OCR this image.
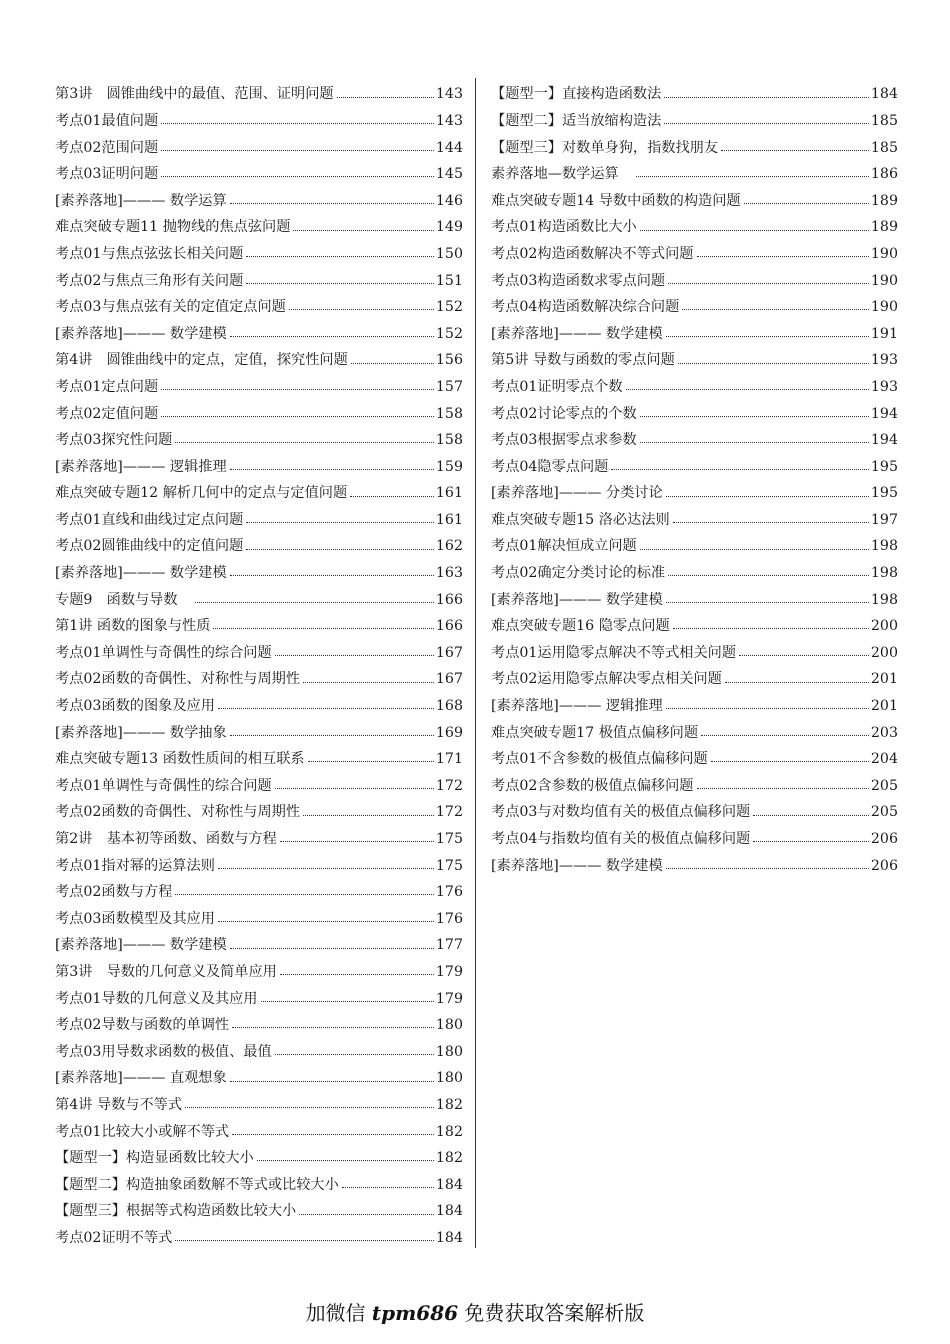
第3讲　圆锥曲线中的最值、范围、证明问题	143
考点01最值问题	143
考点02范围问题	144
考点03证明问题	145
[素养落地]——— 数学运算	146
难点突破专题11 抛物线的焦点弦问题	149
考点01与焦点弦弦长相关问题	150
考点02与焦点三角形有关问题	151
考点03与焦点弦有关的定值定点问题	152
[素养落地]——— 数学建模	152
第4讲　圆锥曲线中的定点，定值，探究性问题	156
考点01定点问题	157
考点02定值问题	158
考点03探究性问题	158
[素养落地]——— 逻辑推理	159
难点突破专题12 解析几何中的定点与定值问题	161
考点01直线和曲线过定点问题	161
考点02圆锥曲线中的定值问题	162
[素养落地]——— 数学建模	163
专题9　函数与导数　	166
第1讲 函数的图象与性质	166
考点01单调性与奇偶性的综合问题	167
考点02函数的奇偶性、对称性与周期性	167
考点03函数的图象及应用	168
[素养落地]——— 数学抽象	169
难点突破专题13 函数性质间的相互联系	171
考点01单调性与奇偶性的综合问题	172
考点02函数的奇偶性、对称性与周期性	172
第2讲　基本初等函数、函数与方程	175
考点01指对幂的运算法则	175
考点02函数与方程	176
考点03函数模型及其应用	176
[素养落地]——— 数学建模	177
第3讲　导数的几何意义及简单应用	179
考点01导数的几何意义及其应用	179
考点02导数与函数的单调性	180
考点03用导数求函数的极值、最值	180
[素养落地]——— 直观想象	180
第4讲 导数与不等式	182
考点01比较大小或解不等式	182
【题型一】构造显函数比较大小	182
【题型二】构造抽象函数解不等式或比较大小	184
【题型三】根据等式构造函数比较大小	184
考点02证明不等式	184
【题型一】直接构造函数法	184
【题型二】适当放缩构造法	185
【题型三】对数单身狗，指数找朋友	185
素养落地—数学运算　	186
难点突破专题14 导数中函数的构造问题	189
考点01构造函数比大小	189
考点02构造函数解决不等式问题	190
考点03构造函数求零点问题	190
考点04构造函数解决综合问题	190
[素养落地]——— 数学建模	191
第5讲 导数与函数的零点问题	193
考点01证明零点个数	193
考点02讨论零点的个数	194
考点03根据零点求参数	194
考点04隐零点问题	195
[素养落地]——— 分类讨论	195
难点突破专题15 洛必达法则	197
考点01解决恒成立问题	198
考点02确定分类讨论的标准	198
[素养落地]——— 数学建模	198
难点突破专题16 隐零点问题	200
考点01运用隐零点解决不等式相关问题	200
考点02运用隐零点解决零点相关问题	201
[素养落地]——— 逻辑推理	201
难点突破专题17 极值点偏移问题	203
考点01不含参数的极值点偏移问题	204
考点02含参数的极值点偏移问题	205
考点03与对数均值有关的极值点偏移问题	205
考点04与指数均值有关的极值点偏移问题	206
[素养落地]——— 数学建模	206
加微信 tpm686 免费获取答案解析版
